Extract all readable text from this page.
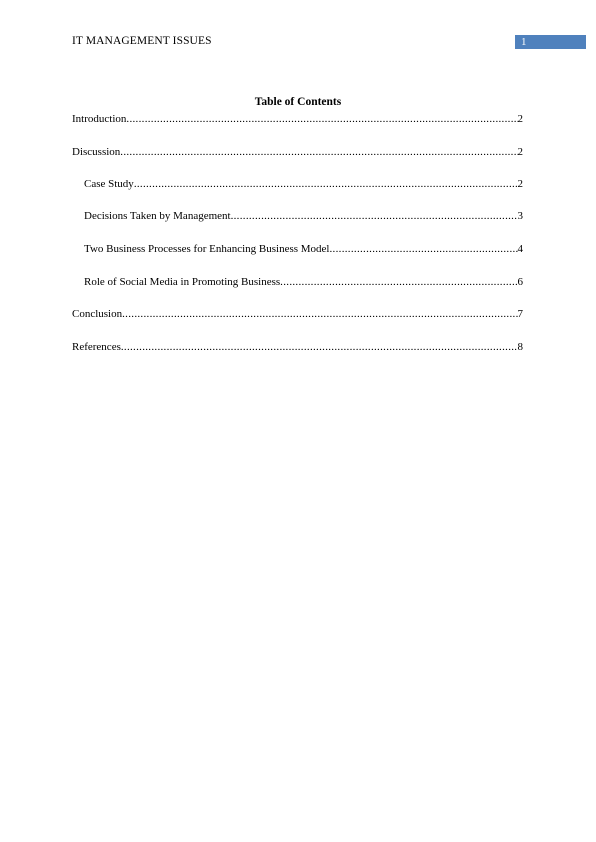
IT MANAGEMENT ISSUES	1
Table of Contents
Introduction .....	2
Discussion .....	2
Case Study .....	2
Decisions Taken by Management .....	3
Two Business Processes for Enhancing Business Model .....	4
Role of Social Media in Promoting Business .....	6
Conclusion .....	7
References .....	8
